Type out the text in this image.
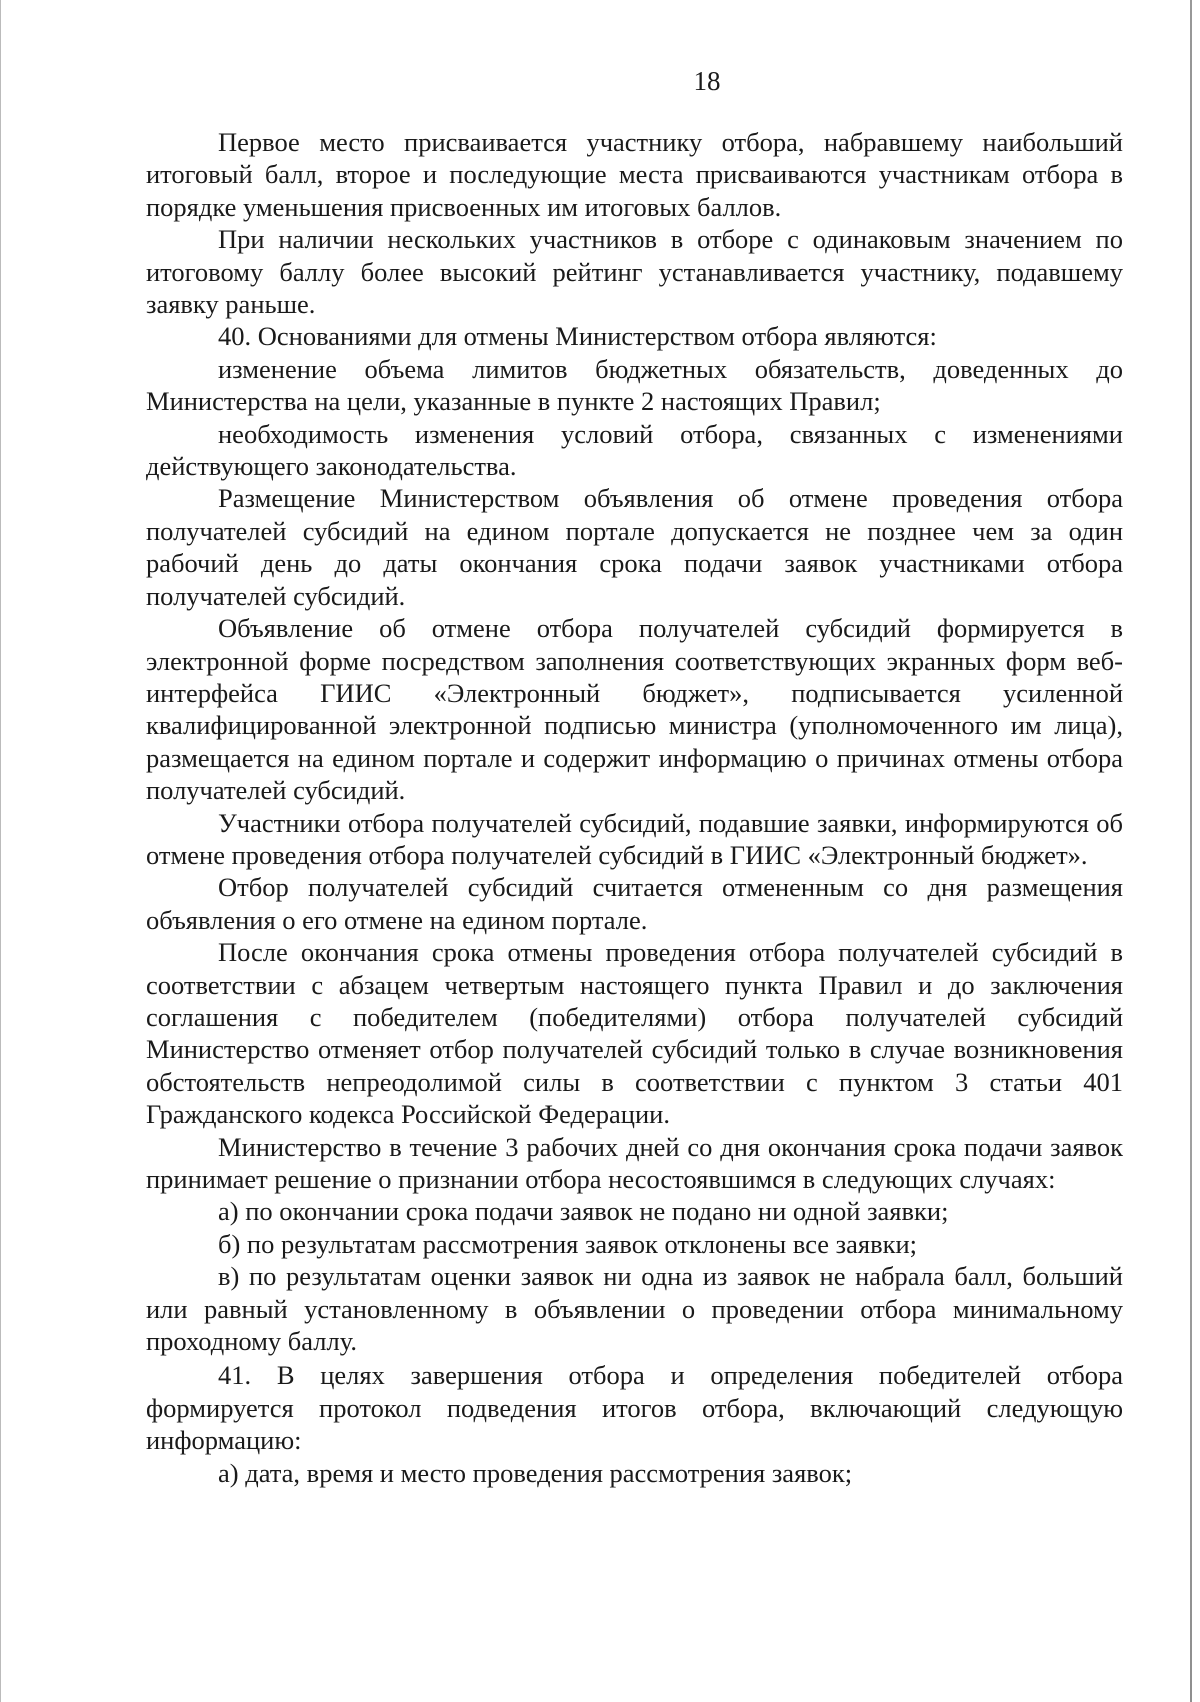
18

Первое место присваивается участнику отбора, набравшему наибольший итоговый балл, второе и последующие места присваиваются участникам отбора в порядке уменьшения присвоенных им итоговых баллов.

При наличии нескольких участников в отборе с одинаковым значением по итоговому баллу более высокий рейтинг устанавливается участнику, подавшему заявку раньше.

40. Основаниями для отмены Министерством отбора являются:

изменение объема лимитов бюджетных обязательств, доведенных до Министерства на цели, указанные в пункте 2 настоящих Правил;

необходимость изменения условий отбора, связанных с изменениями действующего законодательства.

Размещение Министерством объявления об отмене проведения отбора получателей субсидий на едином портале допускается не позднее чем за один рабочий день до даты окончания срока подачи заявок участниками отбора получателей субсидий.

Объявление об отмене отбора получателей субсидий формируется в электронной форме посредством заполнения соответствующих экранных форм веб- интерфейса ГИИС «Электронный бюджет», подписывается усиленной квалифицированной электронной подписью министра (уполномоченного им лица), размещается на едином портале и содержит информацию о причинах отмены отбора получателей субсидий.

Участники отбора получателей субсидий, подавшие заявки, информируются об отмене проведения отбора получателей субсидий в ГИИС «Электронный бюджет».

Отбор получателей субсидий считается отмененным со дня размещения объявления о его отмене на едином портале.

После окончания срока отмены проведения отбора получателей субсидий в соответствии с абзацем четвертым настоящего пункта Правил и до заключения соглашения с победителем (победителями) отбора получателей субсидий Министерство отменяет отбор получателей субсидий только в случае возникновения обстоятельств непреодолимой силы в соответствии с пунктом 3 статьи 401 Гражданского кодекса Российской Федерации.

Министерство в течение 3 рабочих дней со дня окончания срока подачи заявок принимает решение о признании отбора несостоявшимся в следующих случаях:

а) по окончании срока подачи заявок не подано ни одной заявки;

б) по результатам рассмотрения заявок отклонены все заявки;

в) по результатам оценки заявок ни одна из заявок не набрала балл, больший или равный установленному в объявлении о проведении отбора минимальному проходному баллу.

41. В целях завершения отбора и определения победителей отбора формируется протокол подведения итогов отбора, включающий следующую информацию:

а) дата, время и место проведения рассмотрения заявок;
